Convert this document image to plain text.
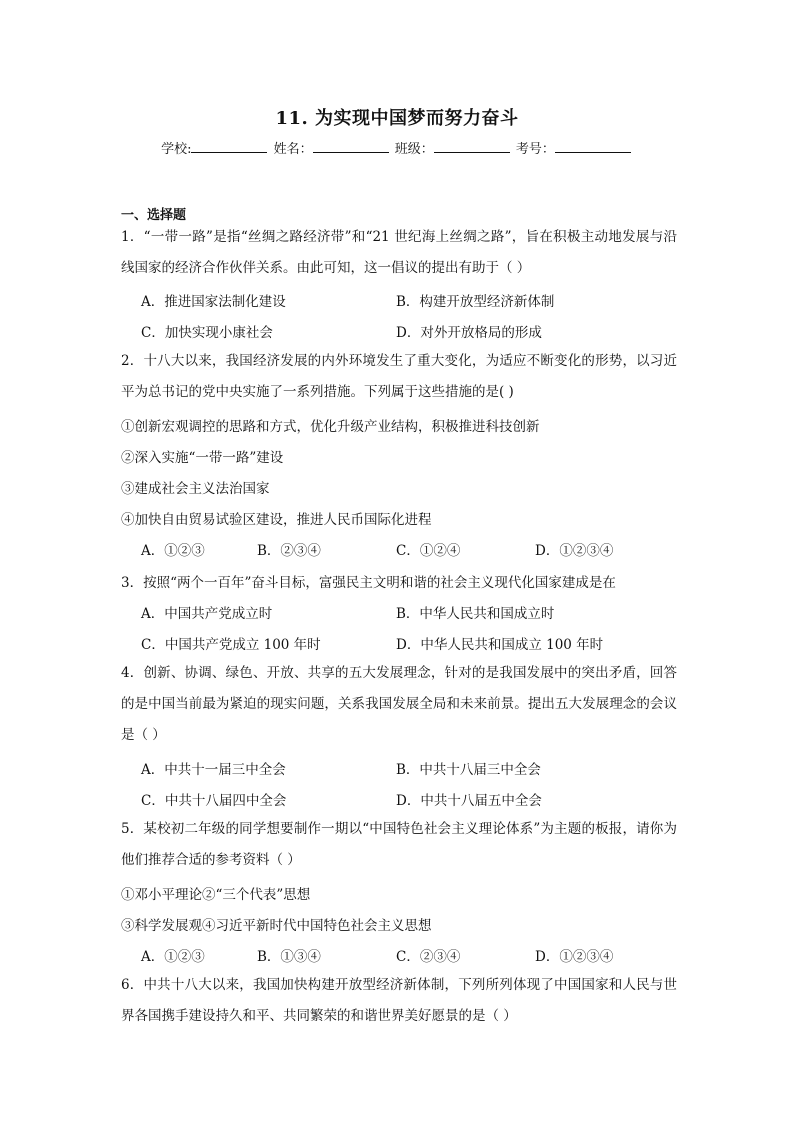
11. 为实现中国梦而努力奋斗
学校:	姓名：	班级：	考号：
一、选择题
1．“一带一路”是指“丝绸之路经济带”和“21 世纪海上丝绸之路”，旨在积极主动地发展与沿线国家的经济合作伙伴关系。由此可知，这一倡议的提出有助于（ ）
A．推进国家法制化建设	B．构建开放型经济新体制
C．加快实现小康社会	D．对外开放格局的形成
2．十八大以来，我国经济发展的内外环境发生了重大变化，为适应不断变化的形势，以习近平为总书记的党中央实施了一系列措施。下列属于这些措施的是( )
①创新宏观调控的思路和方式，优化升级产业结构，积极推进科技创新
②深入实施“一带一路”建设
③建成社会主义法治国家
④加快自由贸易试验区建设，推进人民币国际化进程
A．①②③	B．②③④	C．①②④	D．①②③④
3．按照“两个一百年”奋斗目标，富强民主文明和谐的社会主义现代化国家建成是在
A．中国共产党成立时	B．中华人民共和国成立时
C．中国共产党成立 100 年时	D．中华人民共和国成立 100 年时
4．创新、协调、绿色、开放、共享的五大发展理念，针对的是我国发展中的突出矛盾，回答的是中国当前最为紧迫的现实问题，关系我国发展全局和未来前景。提出五大发展理念的会议是（ ）
A．中共十一届三中全会	B．中共十八届三中全会
C．中共十八届四中全会	D．中共十八届五中全会
5．某校初二年级的同学想要制作一期以“中国特色社会主义理论体系”为主题的板报，请你为他们推荐合适的参考资料（ ）
①邓小平理论②“三个代表”思想
③科学发展观④习近平新时代中国特色社会主义思想
A．①②③	B．①③④	C．②③④	D．①②③④
6．中共十八大以来，我国加快构建开放型经济新体制，下列所列体现了中国国家和人民与世界各国携手建设持久和平、共同繁荣的和谐世界美好愿景的是（ ）
